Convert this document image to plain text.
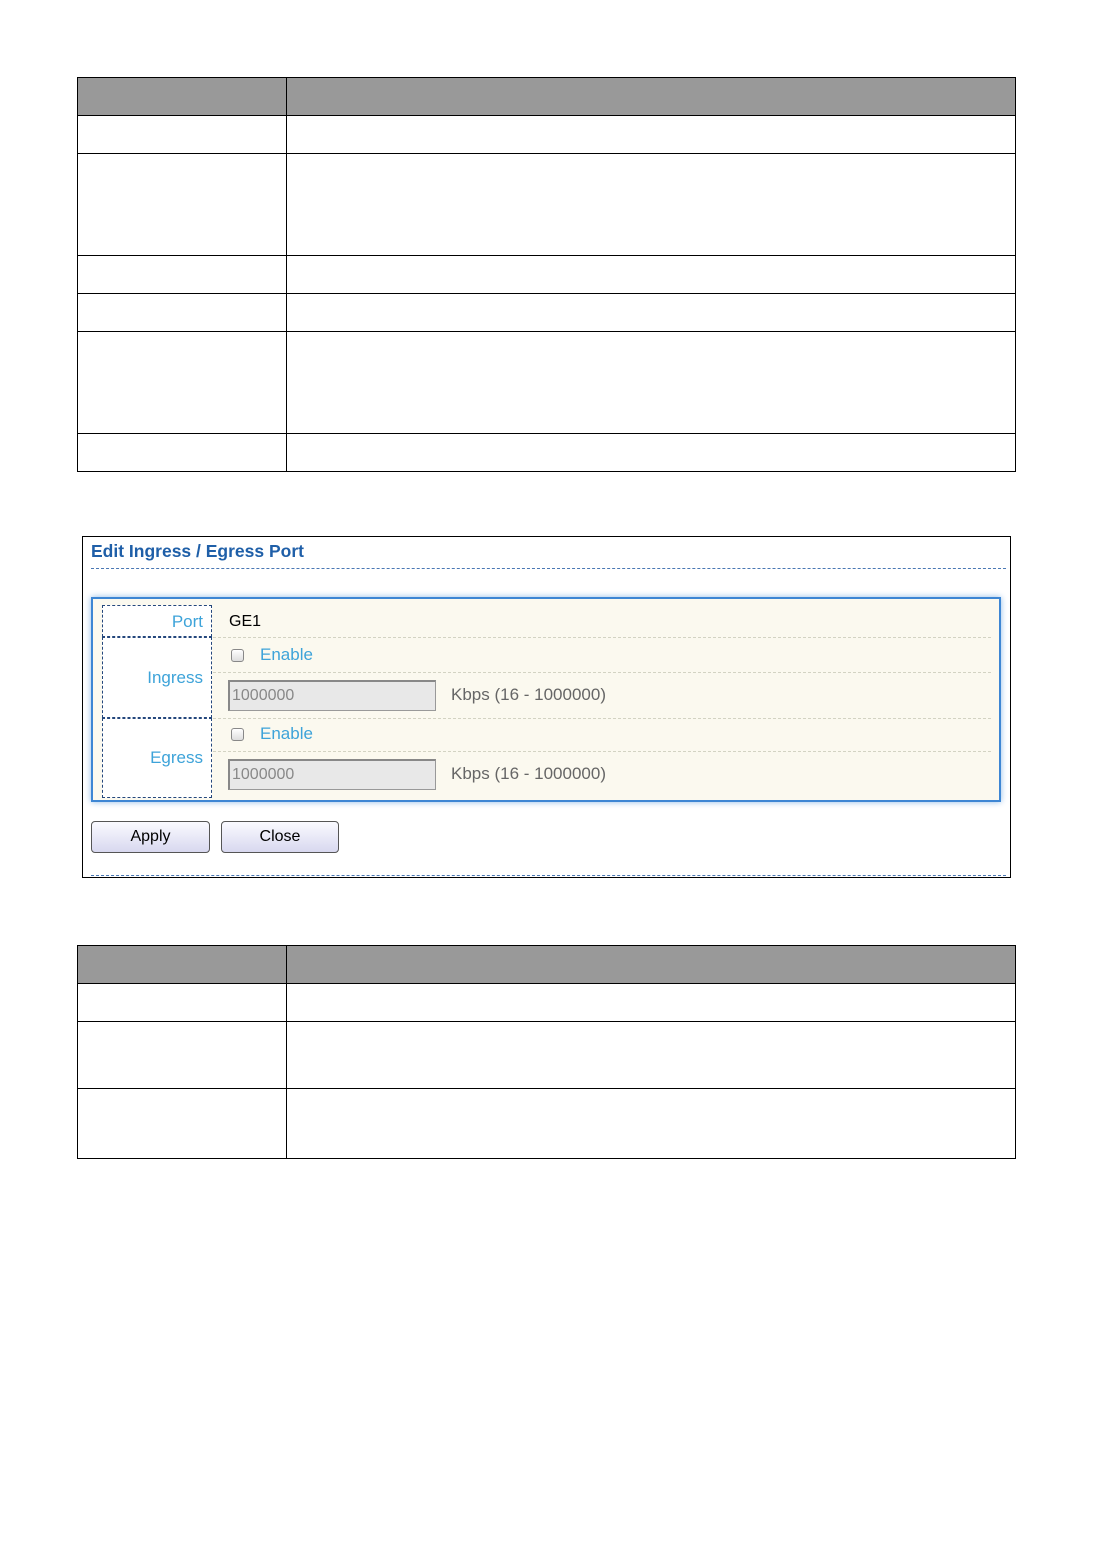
Edit Ingress / Egress Port
Port GE1
Ingress
Enable
1000000
Kbps (16 - 1000000)
Egress
Enable
1000000
Kbps (16 - 1000000)
Apply	Close
